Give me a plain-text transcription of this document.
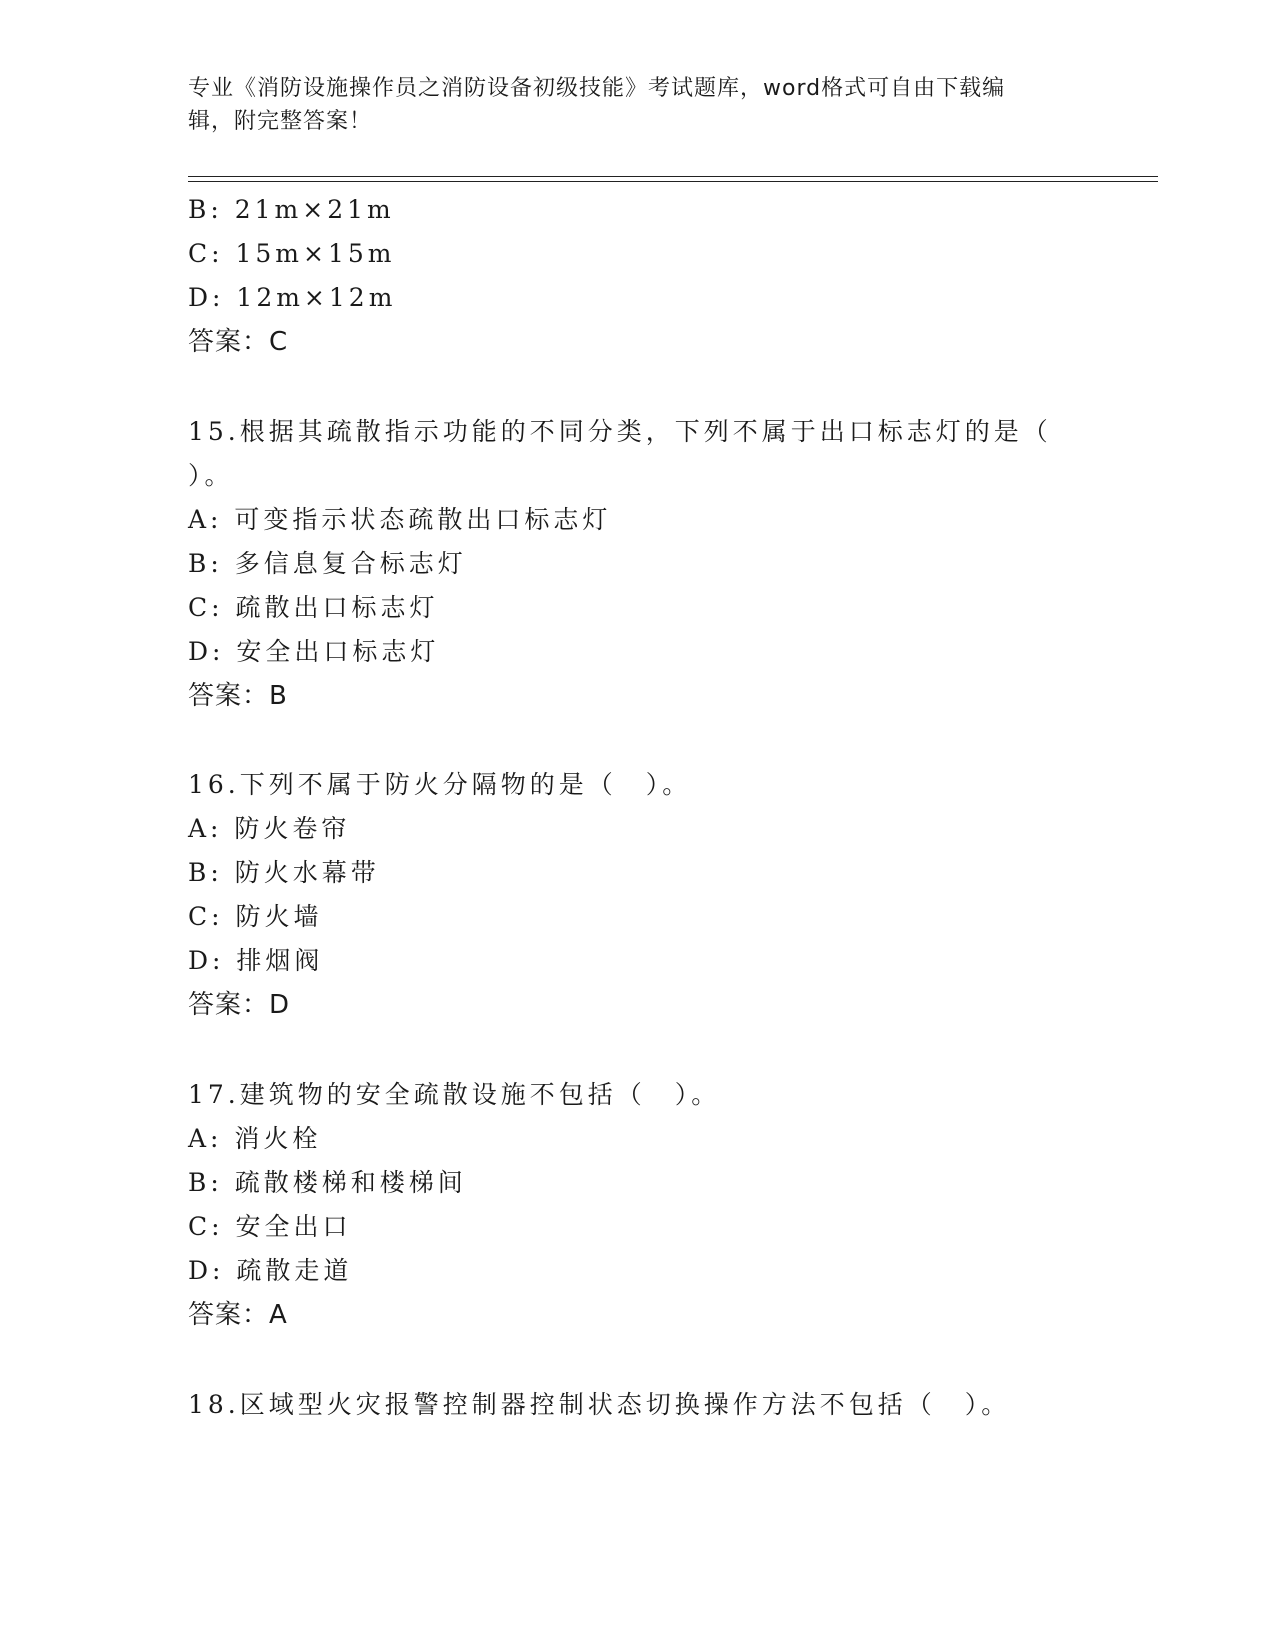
专业《消防设施操作员之消防设备初级技能》考试题库，word格式可自由下载编
辑，附完整答案！
B: 21m×21m
C: 15m×15m
D: 12m×12m
答案：C
15.根据其疏散指示功能的不同分类，下列不属于出口标志灯的是（
）。
A: 可变指示状态疏散出口标志灯
B: 多信息复合标志灯
C: 疏散出口标志灯
D: 安全出口标志灯
答案：B
16.下列不属于防火分隔物的是（　）。
A: 防火卷帘
B: 防火水幕带
C: 防火墙
D: 排烟阀
答案：D
17.建筑物的安全疏散设施不包括（　）。
A: 消火栓
B: 疏散楼梯和楼梯间
C: 安全出口
D: 疏散走道
答案：A
18.区域型火灾报警控制器控制状态切换操作方法不包括（　）。
